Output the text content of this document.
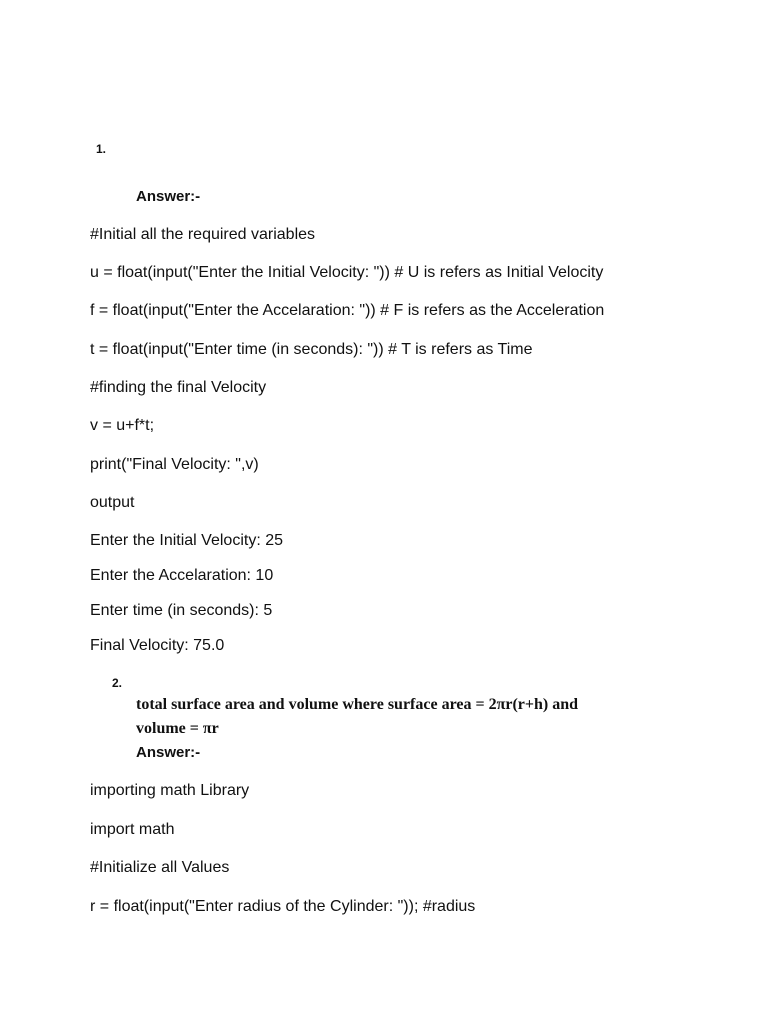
1.
Answer:-
#Initial all the required variables
u = float(input("Enter the Initial Velocity: ")) # U is refers as Initial Velocity
f = float(input("Enter the Accelaration: ")) # F is refers as the Acceleration
t = float(input("Enter time (in seconds): ")) # T is refers as Time
#finding the final Velocity
v = u+f*t;
print("Final Velocity: ",v)
output
Enter the Initial Velocity: 25
Enter the Accelaration: 10
Enter time (in seconds): 5
Final Velocity: 75.0
2.
total surface area and volume where surface area = 2πr(r+h) and
volume = πr
Answer:-
importing math Library
import math
#Initialize all Values
r = float(input("Enter radius of the Cylinder: ")); #radius
